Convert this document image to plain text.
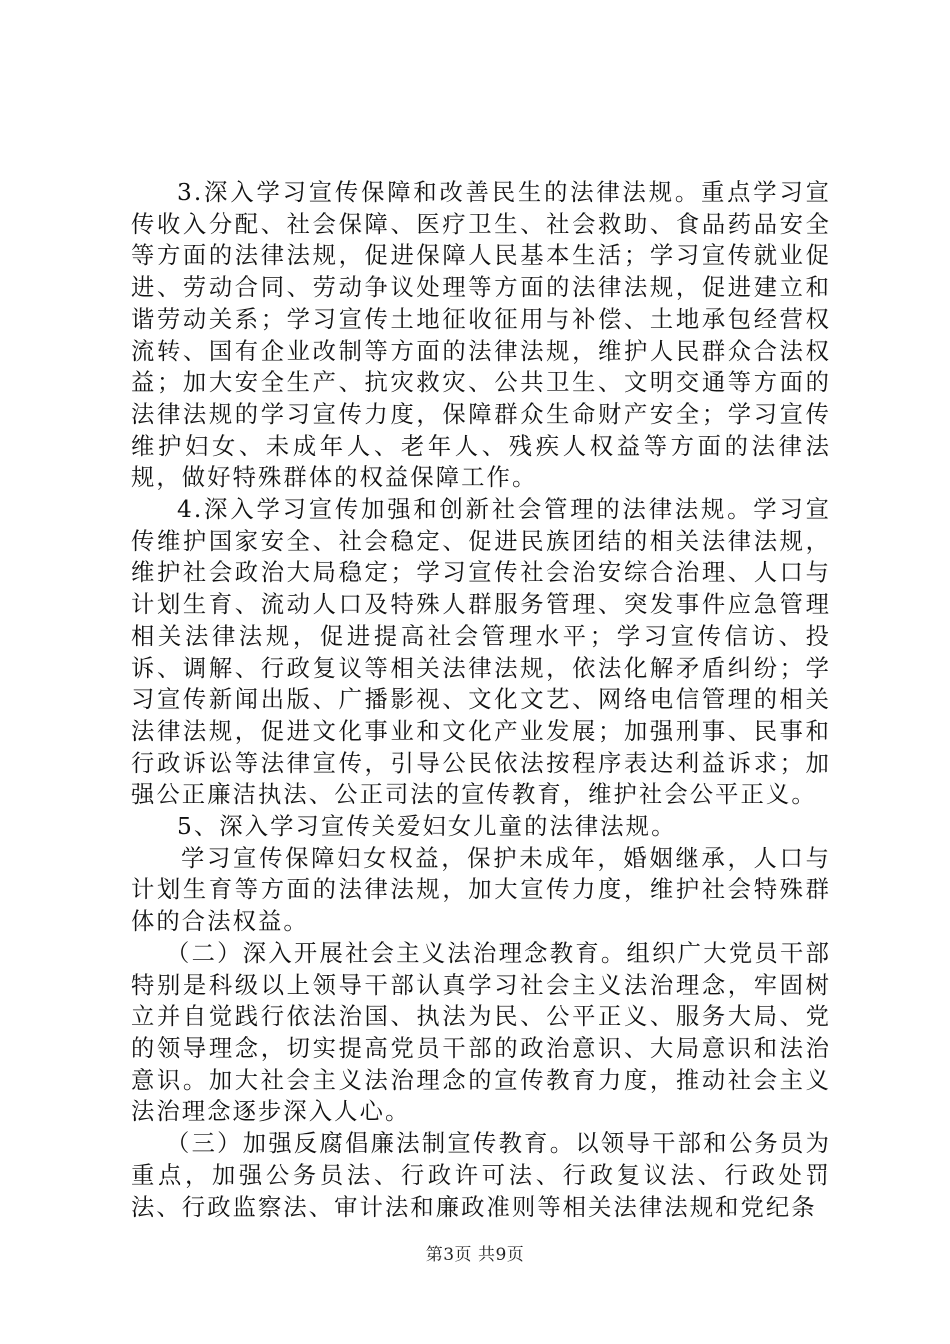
3.深入学习宣传保障和改善民生的法律法规。重点学习宣传收入分配、社会保障、医疗卫生、社会救助、食品药品安全等方面的法律法规，促进保障人民基本生活；学习宣传就业促进、劳动合同、劳动争议处理等方面的法律法规，促进建立和谐劳动关系；学习宣传土地征收征用与补偿、土地承包经营权流转、国有企业改制等方面的法律法规，维护人民群众合法权益；加大安全生产、抗灾救灾、公共卫生、文明交通等方面的法律法规的学习宣传力度，保障群众生命财产安全；学习宣传维护妇女、未成年人、老年人、残疾人权益等方面的法律法规，做好特殊群体的权益保障工作。

4.深入学习宣传加强和创新社会管理的法律法规。学习宣传维护国家安全、社会稳定、促进民族团结的相关法律法规，维护社会政治大局稳定；学习宣传社会治安综合治理、人口与计划生育、流动人口及特殊人群服务管理、突发事件应急管理相关法律法规，促进提高社会管理水平；学习宣传信访、投诉、调解、行政复议等相关法律法规，依法化解矛盾纠纷；学习宣传新闻出版、广播影视、文化文艺、网络电信管理的相关法律法规，促进文化事业和文化产业发展；加强刑事、民事和行政诉讼等法律宣传，引导公民依法按程序表达利益诉求；加强公正廉洁执法、公正司法的宣传教育，维护社会公平正义。

5、深入学习宣传关爱妇女儿童的法律法规。

学习宣传保障妇女权益，保护未成年，婚姻继承，人口与计划生育等方面的法律法规，加大宣传力度，维护社会特殊群体的合法权益。

（二）深入开展社会主义法治理念教育。组织广大党员干部特别是科级以上领导干部认真学习社会主义法治理念，牢固树立并自觉践行依法治国、执法为民、公平正义、服务大局、党的领导理念，切实提高党员干部的政治意识、大局意识和法治意识。加大社会主义法治理念的宣传教育力度，推动社会主义法治理念逐步深入人心。

（三）加强反腐倡廉法制宣传教育。以领导干部和公务员为重点，加强公务员法、行政许可法、行政复议法、行政处罚法、行政监察法、审计法和廉政准则等相关法律法规和党纪条

第3页 共9页
